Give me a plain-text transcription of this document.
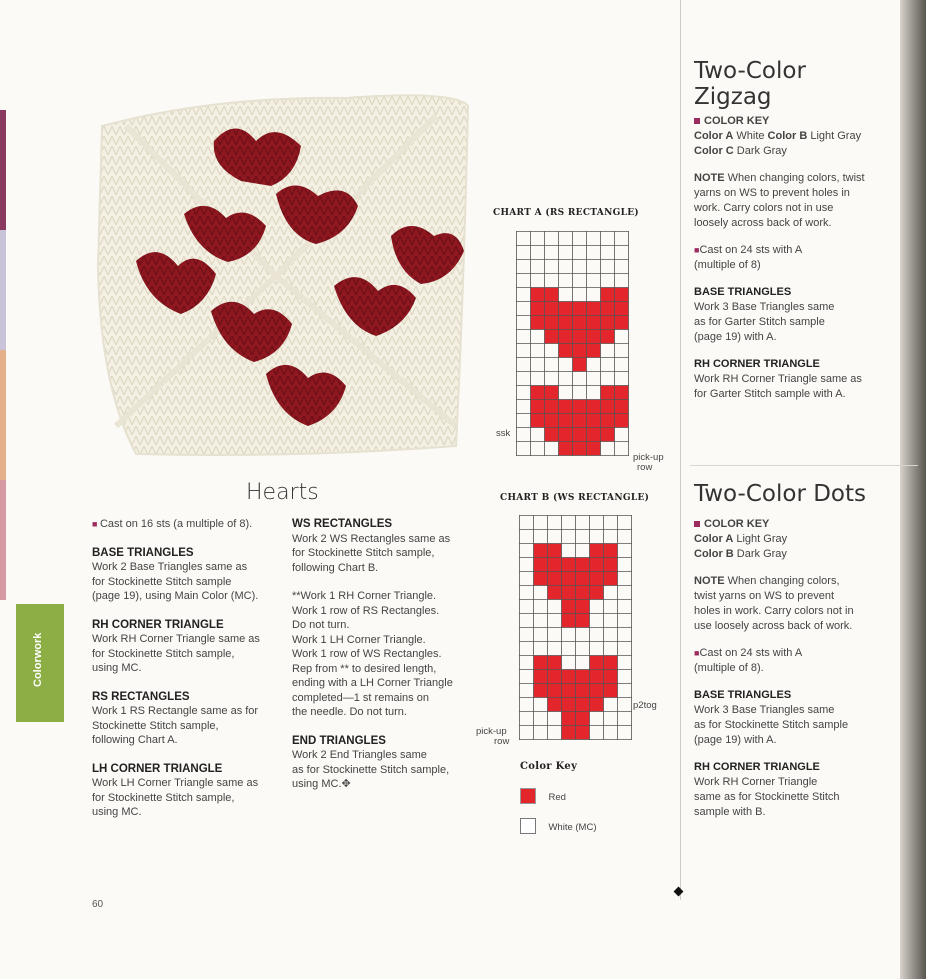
Hearts
■ Cast on 16 sts (a multiple of 8).
BASE TRIANGLES
Work 2 Base Triangles same as
for Stockinette Stitch sample
(page 19), using Main Color (MC).
RH CORNER TRIANGLE
Work RH Corner Triangle same as
for Stockinette Stitch sample,
using MC.
RS RECTANGLES
Work 1 RS Rectangle same as for
Stockinette Stitch sample,
following Chart A.
LH CORNER TRIANGLE
Work LH Corner Triangle same as
for Stockinette Stitch sample,
using MC.
WS RECTANGLES
Work 2 WS Rectangles same as
for Stockinette Stitch sample,
following Chart B.
**Work 1 RH Corner Triangle.
Work 1 row of RS Rectangles.
Do not turn.
Work 1 LH Corner Triangle.
Work 1 row of WS Rectangles.
Rep from ** to desired length,
ending with a LH Corner Triangle
completed—1 st remains on
the needle. Do not turn.
END TRIANGLES
Work 2 End Triangles same
as for Stockinette Stitch sample,
using MC.✥
Colorwork
CHART A (RS RECTANGLE)
ssk
pick-up
row
CHART B (WS RECTANGLE)
p2tog
pick-up
row
Color Key
Red
White (MC)
Two-Color
Zigzag
COLOR KEY
Color A White Color B Light Gray
Color C Dark Gray
NOTE When changing colors, twist
yarns on WS to prevent holes in
work. Carry colors not in use
loosely across back of work.
■Cast on 24 sts with A
(multiple of 8)
BASE TRIANGLES
Work 3 Base Triangles same
as for Garter Stitch sample
(page 19) with A.
RH CORNER TRIANGLE
Work RH Corner Triangle same as
for Garter Stitch sample with A.
Two-Color Dots
COLOR KEY
Color A Light Gray
Color B Dark Gray
NOTE When changing colors,
twist yarns on WS to prevent
holes in work. Carry colors not in
use loosely across back of work.
■Cast on 24 sts with A
(multiple of 8).
BASE TRIANGLES
Work 3 Base Triangles same
as for Stockinette Stitch sample
(page 19) with A.
RH CORNER TRIANGLE
Work RH Corner Triangle
same as for Stockinette Stitch
sample with B.
60
